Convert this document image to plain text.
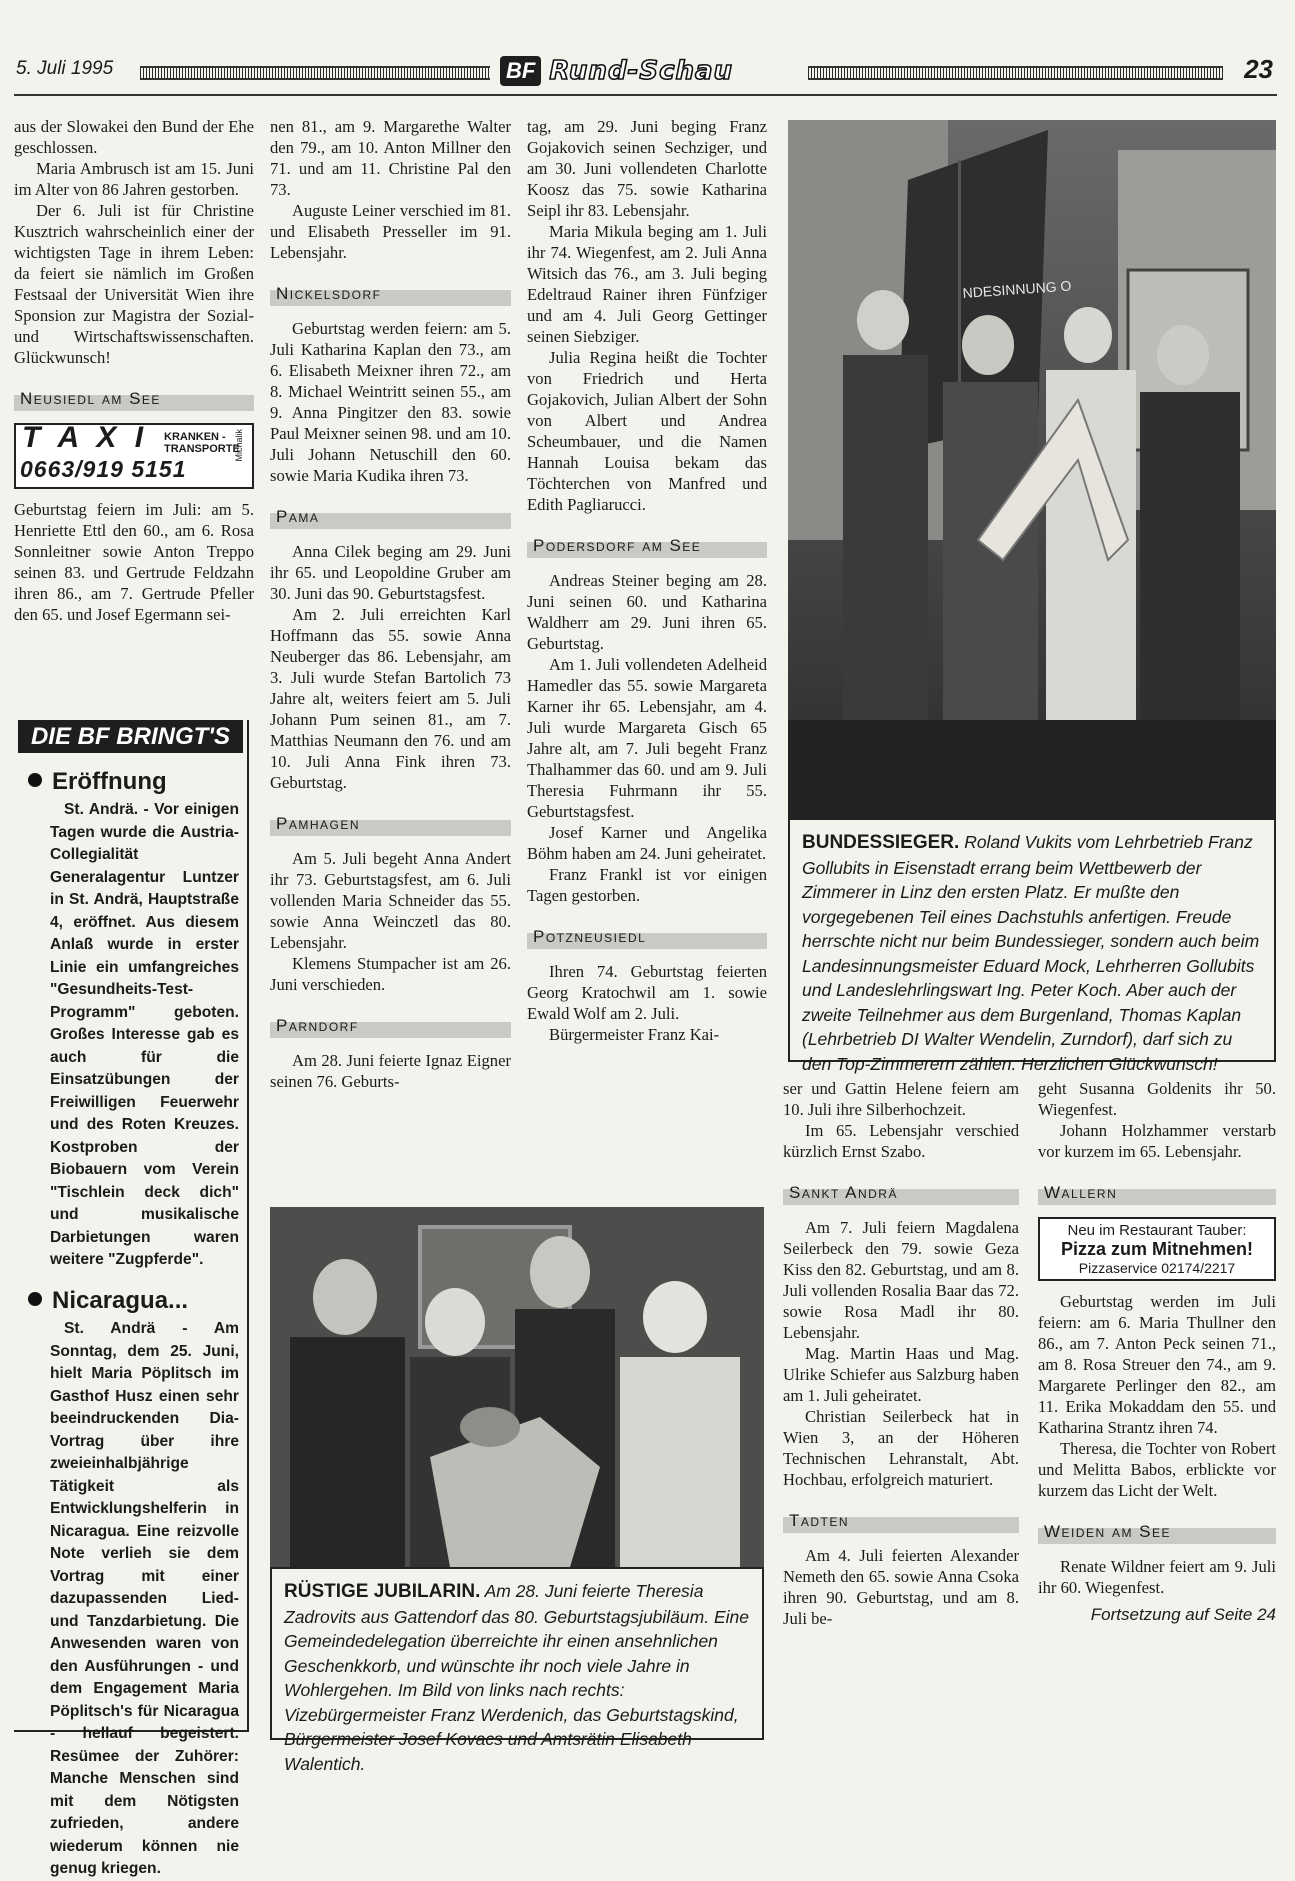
5. Juli 1995	BF Rund-Schau	23

aus der Slowakei den Bund der Ehe geschlossen.

Maria Ambrusch ist am 15. Juni im Alter von 86 Jahren gestorben.

Der 6. Juli ist für Christine Kusztrich wahrscheinlich einer der wichtigsten Tage in ihrem Leben: da feiert sie nämlich im Großen Festsaal der Universität Wien ihre Sponsion zur Magistra der Sozial- und Wirtschaftswissenschaften. Glückwunsch!

Neusiedl am See
T A X I KRANKEN -
TRANSPORTE
0663/919 5151
Michalik

Geburtstag feiern im Juli: am 5. Henriette Ettl den 60., am 6. Rosa Sonnleitner sowie Anton Treppo seinen 83. und Gertrude Feldzahn ihren 86., am 7. Gertrude Pfeller den 65. und Josef Egermann sei-

DIE BF BRINGT'S
Eröffnung
St. Andrä. - Vor einigen Tagen wurde die Austria-Collegialität Generalagentur Luntzer in St. Andrä, Hauptstraße 4, eröffnet. Aus diesem Anlaß wurde in erster Linie ein umfangreiches "Gesundheits-Test-Programm" geboten. Großes Interesse gab es auch für die Einsatzübungen der Freiwilligen Feuerwehr und des Roten Kreuzes. Kostproben der Biobauern vom Verein "Tischlein deck dich" und musikalische Darbietungen waren weitere "Zugpferde".
Nicaragua...
St. Andrä - Am Sonntag, dem 25. Juni, hielt Maria Pöplitsch im Gasthof Husz einen sehr beeindruckenden Dia-Vortrag über ihre zweieinhalbjährige Tätigkeit als Entwicklungshelferin in Nicaragua. Eine reizvolle Note verlieh sie dem Vortrag mit einer dazupassenden Lied- und Tanzdarbietung. Die Anwesenden waren von den Ausführungen - und dem Engagement Maria Pöplitsch's für Nicaragua - hellauf begeistert. Resümee der Zuhörer: Manche Menschen sind mit dem Nötigsten zufrieden, andere wiederum können nie genug kriegen.

nen 81., am 9. Margarethe Walter den 79., am 10. Anton Millner den 71. und am 11. Christine Pal den 73.

Auguste Leiner verschied im 81. und Elisabeth Presseller im 91. Lebensjahr.

Nickelsdorf

Geburtstag werden feiern: am 5. Juli Katharina Kaplan den 73., am 6. Elisabeth Meixner ihren 72., am 8. Michael Weintritt seinen 55., am 9. Anna Pingitzer den 83. sowie Paul Meixner seinen 98. und am 10. Juli Johann Netuschill den 60. sowie Maria Kudika ihren 73.

Pama

Anna Cilek beging am 29. Juni ihr 65. und Leopoldine Gruber am 30. Juni das 90. Geburtstagsfest.

Am 2. Juli erreichten Karl Hoffmann das 55. sowie Anna Neuberger das 86. Lebensjahr, am 3. Juli wurde Stefan Bartolich 73 Jahre alt, weiters feiert am 5. Juli Johann Pum seinen 81., am 7. Matthias Neumann den 76. und am 10. Juli Anna Fink ihren 73. Geburtstag.

Pamhagen

Am 5. Juli begeht Anna Andert ihr 73. Geburtstagsfest, am 6. Juli vollenden Maria Schneider das 55. sowie Anna Weinczetl das 80. Lebensjahr.

Klemens Stumpacher ist am 26. Juni verschieden.

Parndorf

Am 28. Juni feierte Ignaz Eigner seinen 76. Geburts-

tag, am 29. Juni beging Franz Gojakovich seinen Sechziger, und am 30. Juni vollendeten Charlotte Koosz das 75. sowie Katharina Seipl ihr 83. Lebensjahr.

Maria Mikula beging am 1. Juli ihr 74. Wiegenfest, am 2. Juli Anna Witsich das 76., am 3. Juli beging Edeltraud Rainer ihren Fünfziger und am 4. Juli Georg Gettinger seinen Siebziger.

Julia Regina heißt die Tochter von Friedrich und Herta Gojakovich, Julian Albert der Sohn von Albert und Andrea Scheumbauer, und die Namen Hannah Louisa bekam das Töchterchen von Manfred und Edith Pagliarucci.

Podersdorf am See

Andreas Steiner beging am 28. Juni seinen 60. und Katharina Waldherr am 29. Juni ihren 65. Geburtstag.

Am 1. Juli vollendeten Adelheid Hamedler das 55. sowie Margareta Karner ihr 65. Lebensjahr, am 4. Juli wurde Margareta Gisch 65 Jahre alt, am 7. Juli begeht Franz Thalhammer das 60. und am 9. Juli Theresia Fuhrmann ihr 55. Geburtstagsfest.

Josef Karner und Angelika Böhm haben am 24. Juni geheiratet.

Franz Frankl ist vor einigen Tagen gestorben.

Potzneusiedl

Ihren 74. Geburtstag feierten Georg Kratochwil am 1. sowie Ewald Wolf am 2. Juli.

Bürgermeister Franz Kai-

NDESINNUNG O
BUNDESSIEGER. Roland Vukits vom Lehrbetrieb Franz Gollubits in Eisenstadt errang beim Wettbewerb der Zimmerer in Linz den ersten Platz. Er mußte den vorgegebenen Teil eines Dachstuhls anfertigen. Freude herrschte nicht nur beim Bundessieger, sondern auch beim Landesinnungsmeister Eduard Mock, Lehrherren Gollubits und Landeslehrlingswart Ing. Peter Koch. Aber auch der zweite Teilnehmer aus dem Burgenland, Thomas Kaplan (Lehrbetrieb DI Walter Wendelin, Zurndorf), darf sich zu den Top-Zimmerern zählen. Herzlichen Glückwunsch!

ser und Gattin Helene feiern am 10. Juli ihre Silberhochzeit.

Im 65. Lebensjahr verschied kürzlich Ernst Szabo.

Sankt Andrä

Am 7. Juli feiern Magdalena Seilerbeck den 79. sowie Geza Kiss den 82. Geburtstag, und am 8. Juli vollenden Rosalia Baar das 72. sowie Rosa Madl ihr 80. Lebensjahr.

Mag. Martin Haas und Mag. Ulrike Schiefer aus Salzburg haben am 1. Juli geheiratet.

Christian Seilerbeck hat in Wien 3, an der Höheren Technischen Lehranstalt, Abt. Hochbau, erfolgreich maturiert.

Tadten

Am 4. Juli feierten Alexander Nemeth den 65. sowie Anna Csoka ihren 90. Geburtstag, und am 8. Juli be-

geht Susanna Goldenits ihr 50. Wiegenfest.

Johann Holzhammer verstarb vor kurzem im 65. Lebensjahr.

Wallern
Neu im Restaurant Tauber:
Pizza zum Mitnehmen!
Pizzaservice 02174/2217

Geburtstag werden im Juli feiern: am 6. Maria Thullner den 86., am 7. Anton Peck seinen 71., am 8. Rosa Streuer den 74., am 9. Margarete Perlinger den 82., am 11. Erika Mokaddam den 55. und Katharina Strantz ihren 74.

Theresa, die Tochter von Robert und Melitta Babos, erblickte vor kurzem das Licht der Welt.

Weiden am See

Renate Wildner feiert am 9. Juli ihr 60. Wiegenfest.

Fortsetzung auf Seite 24
RÜSTIGE JUBILARIN. Am 28. Juni feierte Theresia Zadrovits aus Gattendorf das 80. Geburtstagsjubiläum. Eine Gemeindedelegation überreichte ihr einen ansehnlichen Geschenkkorb, und wünschte ihr noch viele Jahre in Wohlergehen. Im Bild von links nach rechts: Vizebürgermeister Franz Werdenich, das Geburtstagskind, Bürgermeister Josef Kovacs und Amtsrätin Elisabeth Walentich.
